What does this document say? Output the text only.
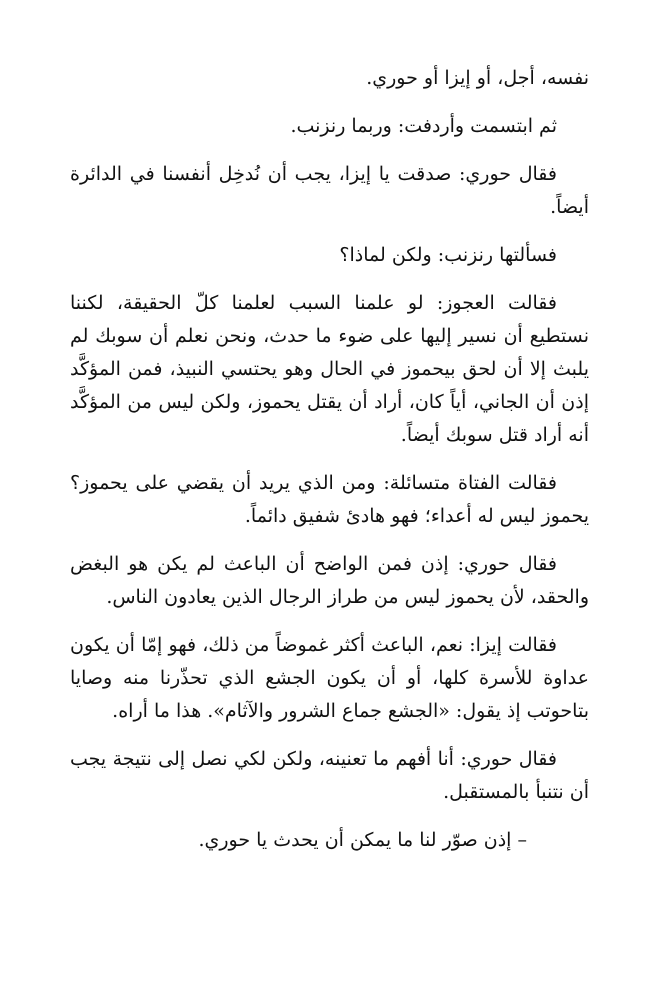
نفسه، أجل، أو إيزا أو حوري.

ثم ابتسمت وأردفت: وربما رنزنب.

فقال حوري: صدقت يا إيزا، يجب أن نُدخِل أنفسنا في الدائرة أيضاً.

فسألتها رنزنب: ولكن لماذا؟

فقالت العجوز: لو علمنا السبب لعلمنا كلّ الحقيقة، لكننا نستطيع أن نسير إليها على ضوء ما حدث، ونحن نعلم أن سوبك لم يلبث إلا أن لحق بيحموز في الحال وهو يحتسي النبيذ، فمن المؤكَّد إذن أن الجاني، أياً كان، أراد أن يقتل يحموز، ولكن ليس من المؤكَّد أنه أراد قتل سوبك أيضاً.

فقالت الفتاة متسائلة: ومن الذي يريد أن يقضي على يحموز؟ يحموز ليس له أعداء؛ فهو هادئ شفيق دائماً.

فقال حوري: إذن فمن الواضح أن الباعث لم يكن هو البغض والحقد، لأن يحموز ليس من طراز الرجال الذين يعادون الناس.

فقالت إيزا: نعم، الباعث أكثر غموضاً من ذلك، فهو إمّا أن يكون عداوة للأسرة كلها، أو أن يكون الجشع الذي تحذّرنا منه وصايا بتاحوتب إذ يقول: «الجشع جماع الشرور والآثام». هذا ما أراه.

فقال حوري: أنا أفهم ما تعنينه، ولكن لكي نصل إلى نتيجة يجب أن نتنبأ بالمستقبل.

– إذن صوّر لنا ما يمكن أن يحدث يا حوري.
